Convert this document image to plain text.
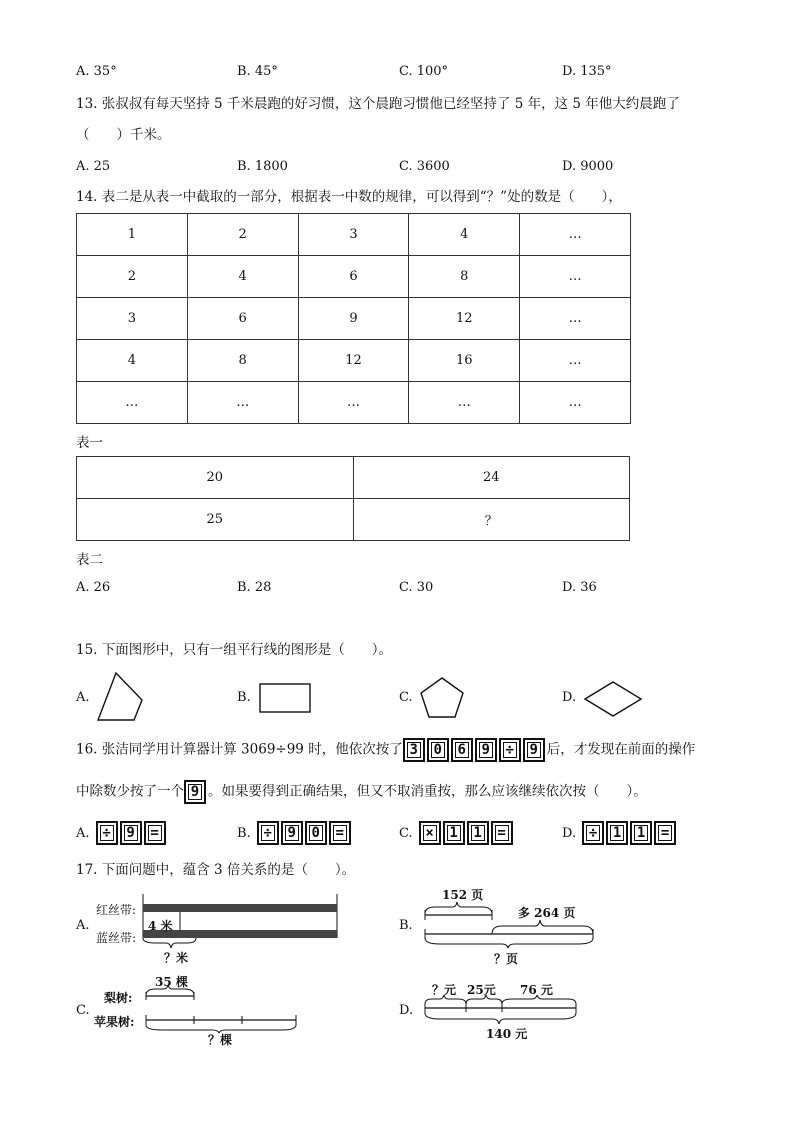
A. 35°	B. 45°	C. 100°	D. 135°
13. 张叔叔有每天坚持 5 千米晨跑的好习惯，这个晨跑习惯他已经坚持了 5 年，这 5 年他大约晨跑了
（　　）千米。
A. 25	B. 1800	C. 3600	D. 9000
14. 表二是从表一中截取的一部分，根据表一中数的规律，可以得到“？”处的数是（　　），
1	2	3	4	…
2	4	6	8	…
3	6	9	12	…
4	8	12	16	…
…	…	…	…	…
表一
20	24
25	？
表二
A. 26	B. 28	C. 30	D. 36
15. 下面图形中，只有一组平行线的图形是（　　）。
A.	B.	C.	D.
16. 张洁同学用计算器计算 3069÷99 时，他依次按了 3 0 6 9 ÷ 9 后，才发现在前面的操作
中除数少按了一个 9 。如果要得到正确结果，但又不取消重按，那么应该继续依次按（　　）。
A. ÷ 9 =	B. ÷ 9 0 =	C. × 1 1 =	D. ÷ 1 1 =
17. 下面问题中，蕴含 3 倍关系的是（　　）。
A.
红丝带:
蓝丝带:
4 米
？米
B.
152 页
多 264 页
？页
C.
35 棵
梨树:
苹果树:
？棵
D.
？元 25元 76 元
140 元
